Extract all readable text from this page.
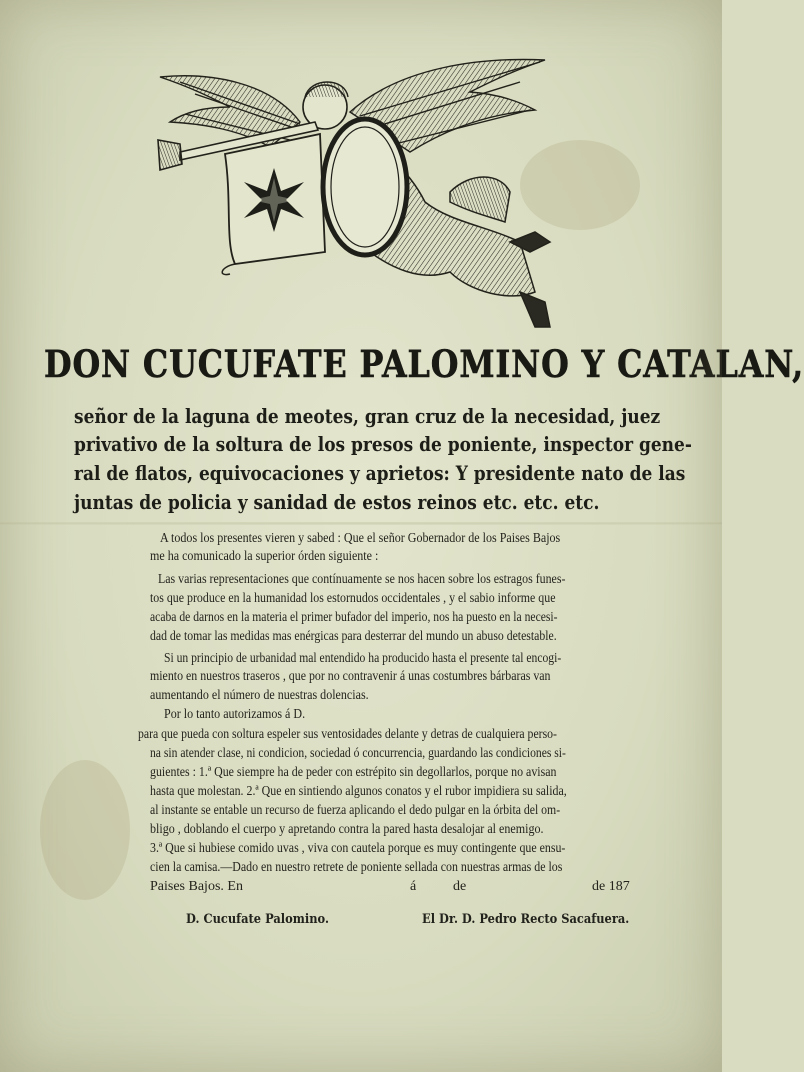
DON CUCUFATE PALOMINO Y CATALAN,
señor de la laguna de meotes, gran cruz de la necesidad, juez
privativo de la soltura de los presos de poniente, inspector gene-
ral de flatos, equivocaciones y aprietos: Y presidente nato de las
juntas de policia y sanidad de estos reinos etc. etc. etc.
A todos los presentes vieren y sabed : Que el señor Gobernador de los Paises Bajos
me ha comunicado la superior órden siguiente :
Las varias representaciones que contínuamente se nos hacen sobre los estragos funes-
tos que produce en la humanidad los estornudos occidentales , y el sabio informe que
acaba de darnos en la materia el primer bufador del imperio, nos ha puesto en la necesi-
dad de tomar las medidas mas enérgicas para desterrar del mundo un abuso detestable.
Si un principio de urbanidad mal entendido ha producido hasta el presente tal encogi-
miento en nuestros traseros , que por no contravenir á unas costumbres bárbaras van
aumentando el número de nuestras dolencias.
Por lo tanto autorizamos á D.
para que pueda con soltura espeler sus ventosidades delante y detras de cualquiera perso-
na sin atender clase, ni condicion, sociedad ó concurrencia, guardando las condiciones si-
guientes : 1.ª Que siempre ha de peder con estrépito sin degollarlos, porque no avisan
hasta que molestan. 2.ª Que en sintiendo algunos conatos y el rubor impidiera su salida,
al instante se entable un recurso de fuerza aplicando el dedo pulgar en la órbita del om-
bligo , doblando el cuerpo y apretando contra la pared hasta desalojar al enemigo.
3.ª Que si hubiese comido uvas , viva con cautela porque es muy contingente que ensu-
cien la camisa.—Dado en nuestro retrete de poniente sellada con nuestras armas de los
Paises Bajos. En	á	de	de 187
D. Cucufate Palomino.	El Dr. D. Pedro Recto Sacafuera.
